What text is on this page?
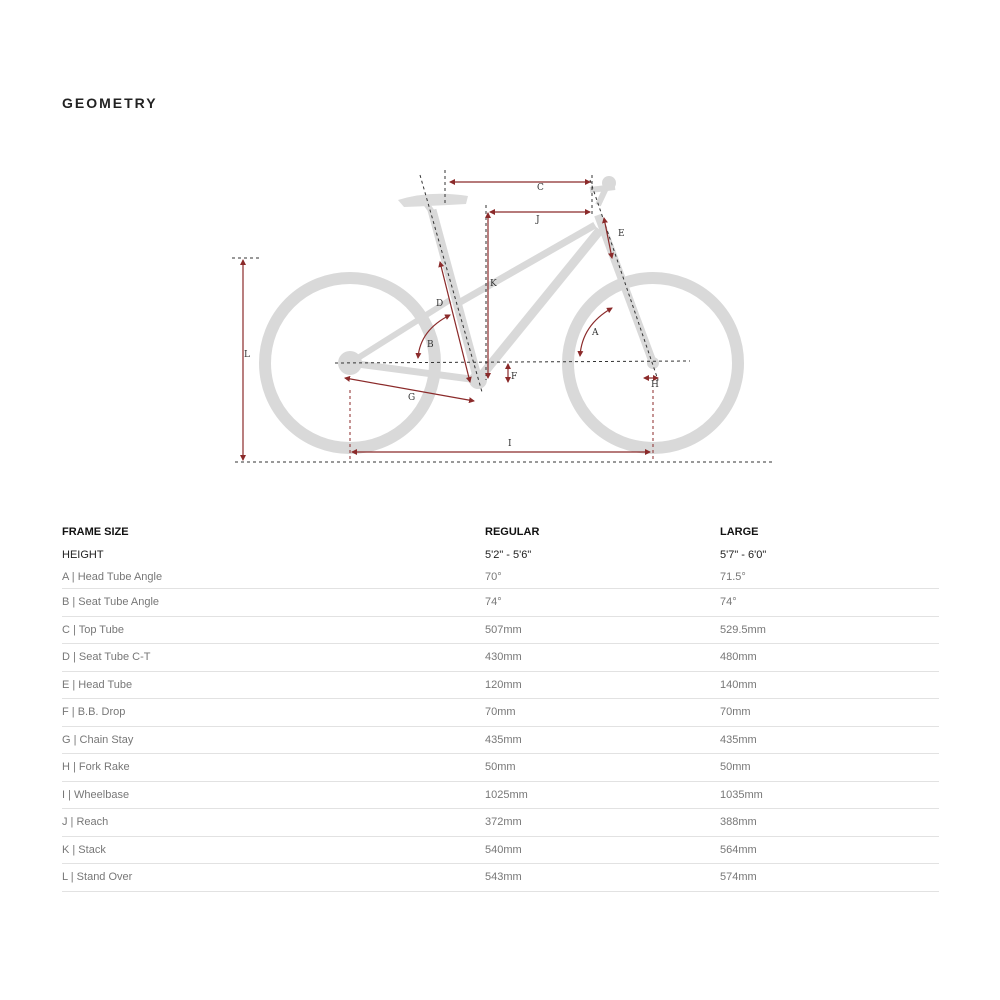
GEOMETRY
C
J
K
E
D
A
B
L
F
H
G
I
FRAME SIZE	REGULAR	LARGE
HEIGHT	5'2" - 5'6"	5'7" - 6'0"
A | Head Tube Angle	70°	71.5°
B | Seat Tube Angle	74°	74°
C | Top Tube	507mm	529.5mm
D | Seat Tube C-T	430mm	480mm
E | Head Tube	120mm	140mm
F | B.B. Drop	70mm	70mm
G | Chain Stay	435mm	435mm
H | Fork Rake	50mm	50mm
I | Wheelbase	1025mm	1035mm
J | Reach	372mm	388mm
K | Stack	540mm	564mm
L | Stand Over	543mm	574mm
